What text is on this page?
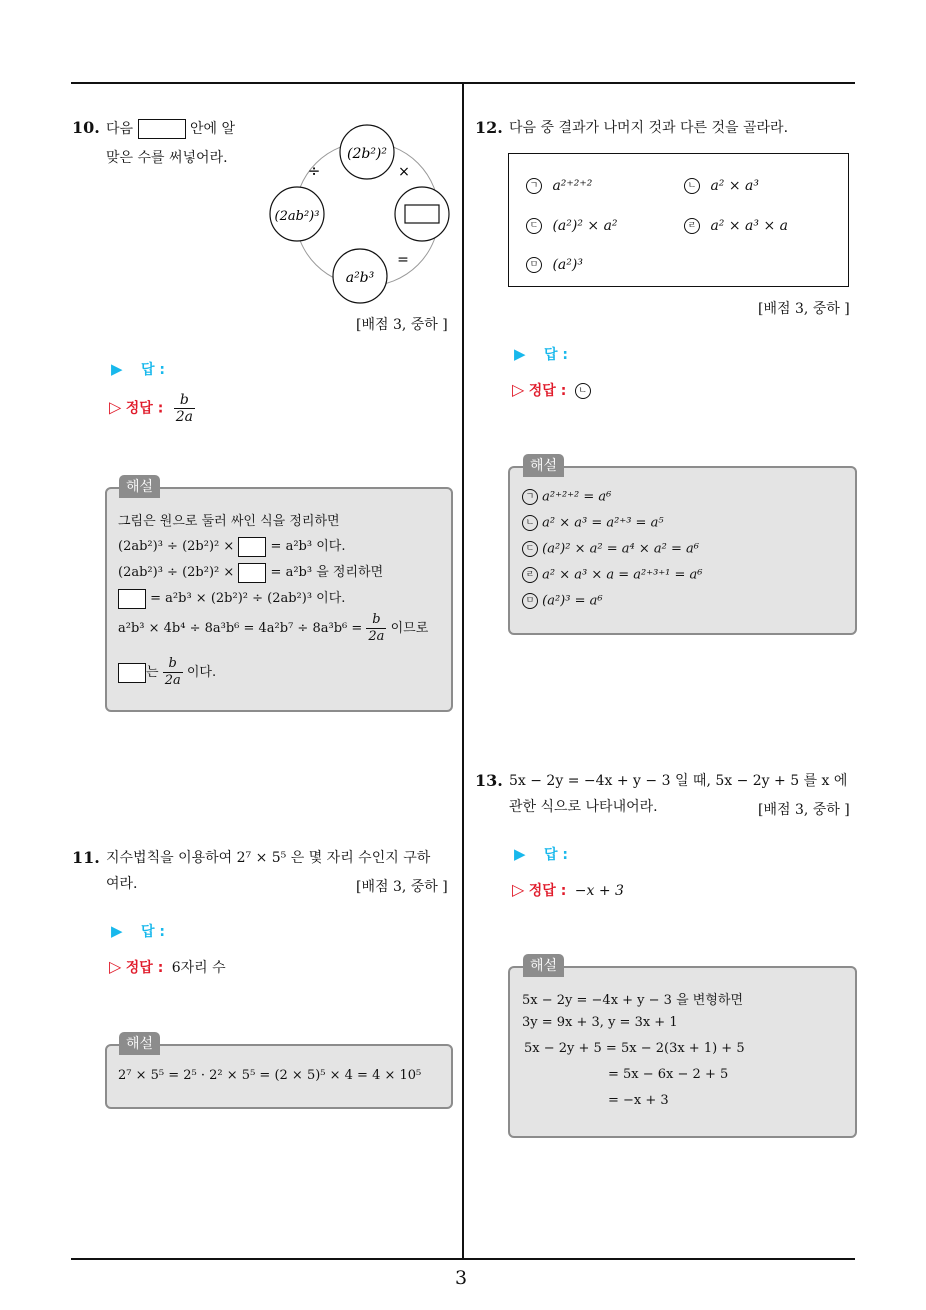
3
10. 다음	안에 알
맞은 수를 써넣어라.	(2b²)²
(2ab²)³
a²b³
÷	×
=
[배점 3, 중하 ]
▶ 답 :
▷ 정답 : $\frac{b}{2a}$
해설
그림은 원으로 둘러 싸인 식을 정리하면
(2ab²)³ ÷ (2b²)² ×	= a²b³ 이다.
(2ab²)³ ÷ (2b²)² ×	= a²b³ 을 정리하면
= a²b³ × (2b²)² ÷ (2ab²)³ 이다.
$a^2b^3 \times 4b^4 \div 8a^3b^6 = 4a^2b^7 \div 8a^3b^6 = \frac{b}{2a}$ 이므로
는 $\frac{b}{2a}$ 이다.
11. 지수법칙을 이용하여 2⁷ × 5⁵ 은 몇 자리 수인지 구하
여라.	[배점 3, 중하 ]
▶ 답 :
▷ 정답 : 6자리 수
해설
2⁷ × 5⁵ = 2⁵ · 2² × 5⁵ = (2 × 5)⁵ × 4 = 4 × 10⁵
12. 다음 중 결과가 나머지 것과 다른 것을 골라라.
ㄱ a²⁺²⁺²	ㄴ a² × a³
ㄷ (a²)² × a²	ㄹ a² × a³ × a
ㅁ (a²)³
[배점 3, 중하 ]
▶ 답 :
▷ 정답 : ㄴ
해설
ㄱ a²⁺²⁺² = a⁶
ㄴ a² × a³ = a²⁺³ = a⁵
ㄷ (a²)² × a² = a⁴ × a² = a⁶
ㄹ a² × a³ × a = a²⁺³⁺¹ = a⁶
ㅁ (a²)³ = a⁶
13. 5x − 2y = −4x + y − 3 일 때, 5x − 2y + 5 를 x 에
관한 식으로 나타내어라.	[배점 3, 중하 ]
▶ 답 :
▷ 정답 : −x + 3
해설
5x − 2y = −4x + y − 3 을 변형하면
3y = 9x + 3, y = 3x + 1
5x − 2y + 5 = 5x − 2(3x + 1) + 5
= 5x − 6x − 2 + 5
= −x + 3
